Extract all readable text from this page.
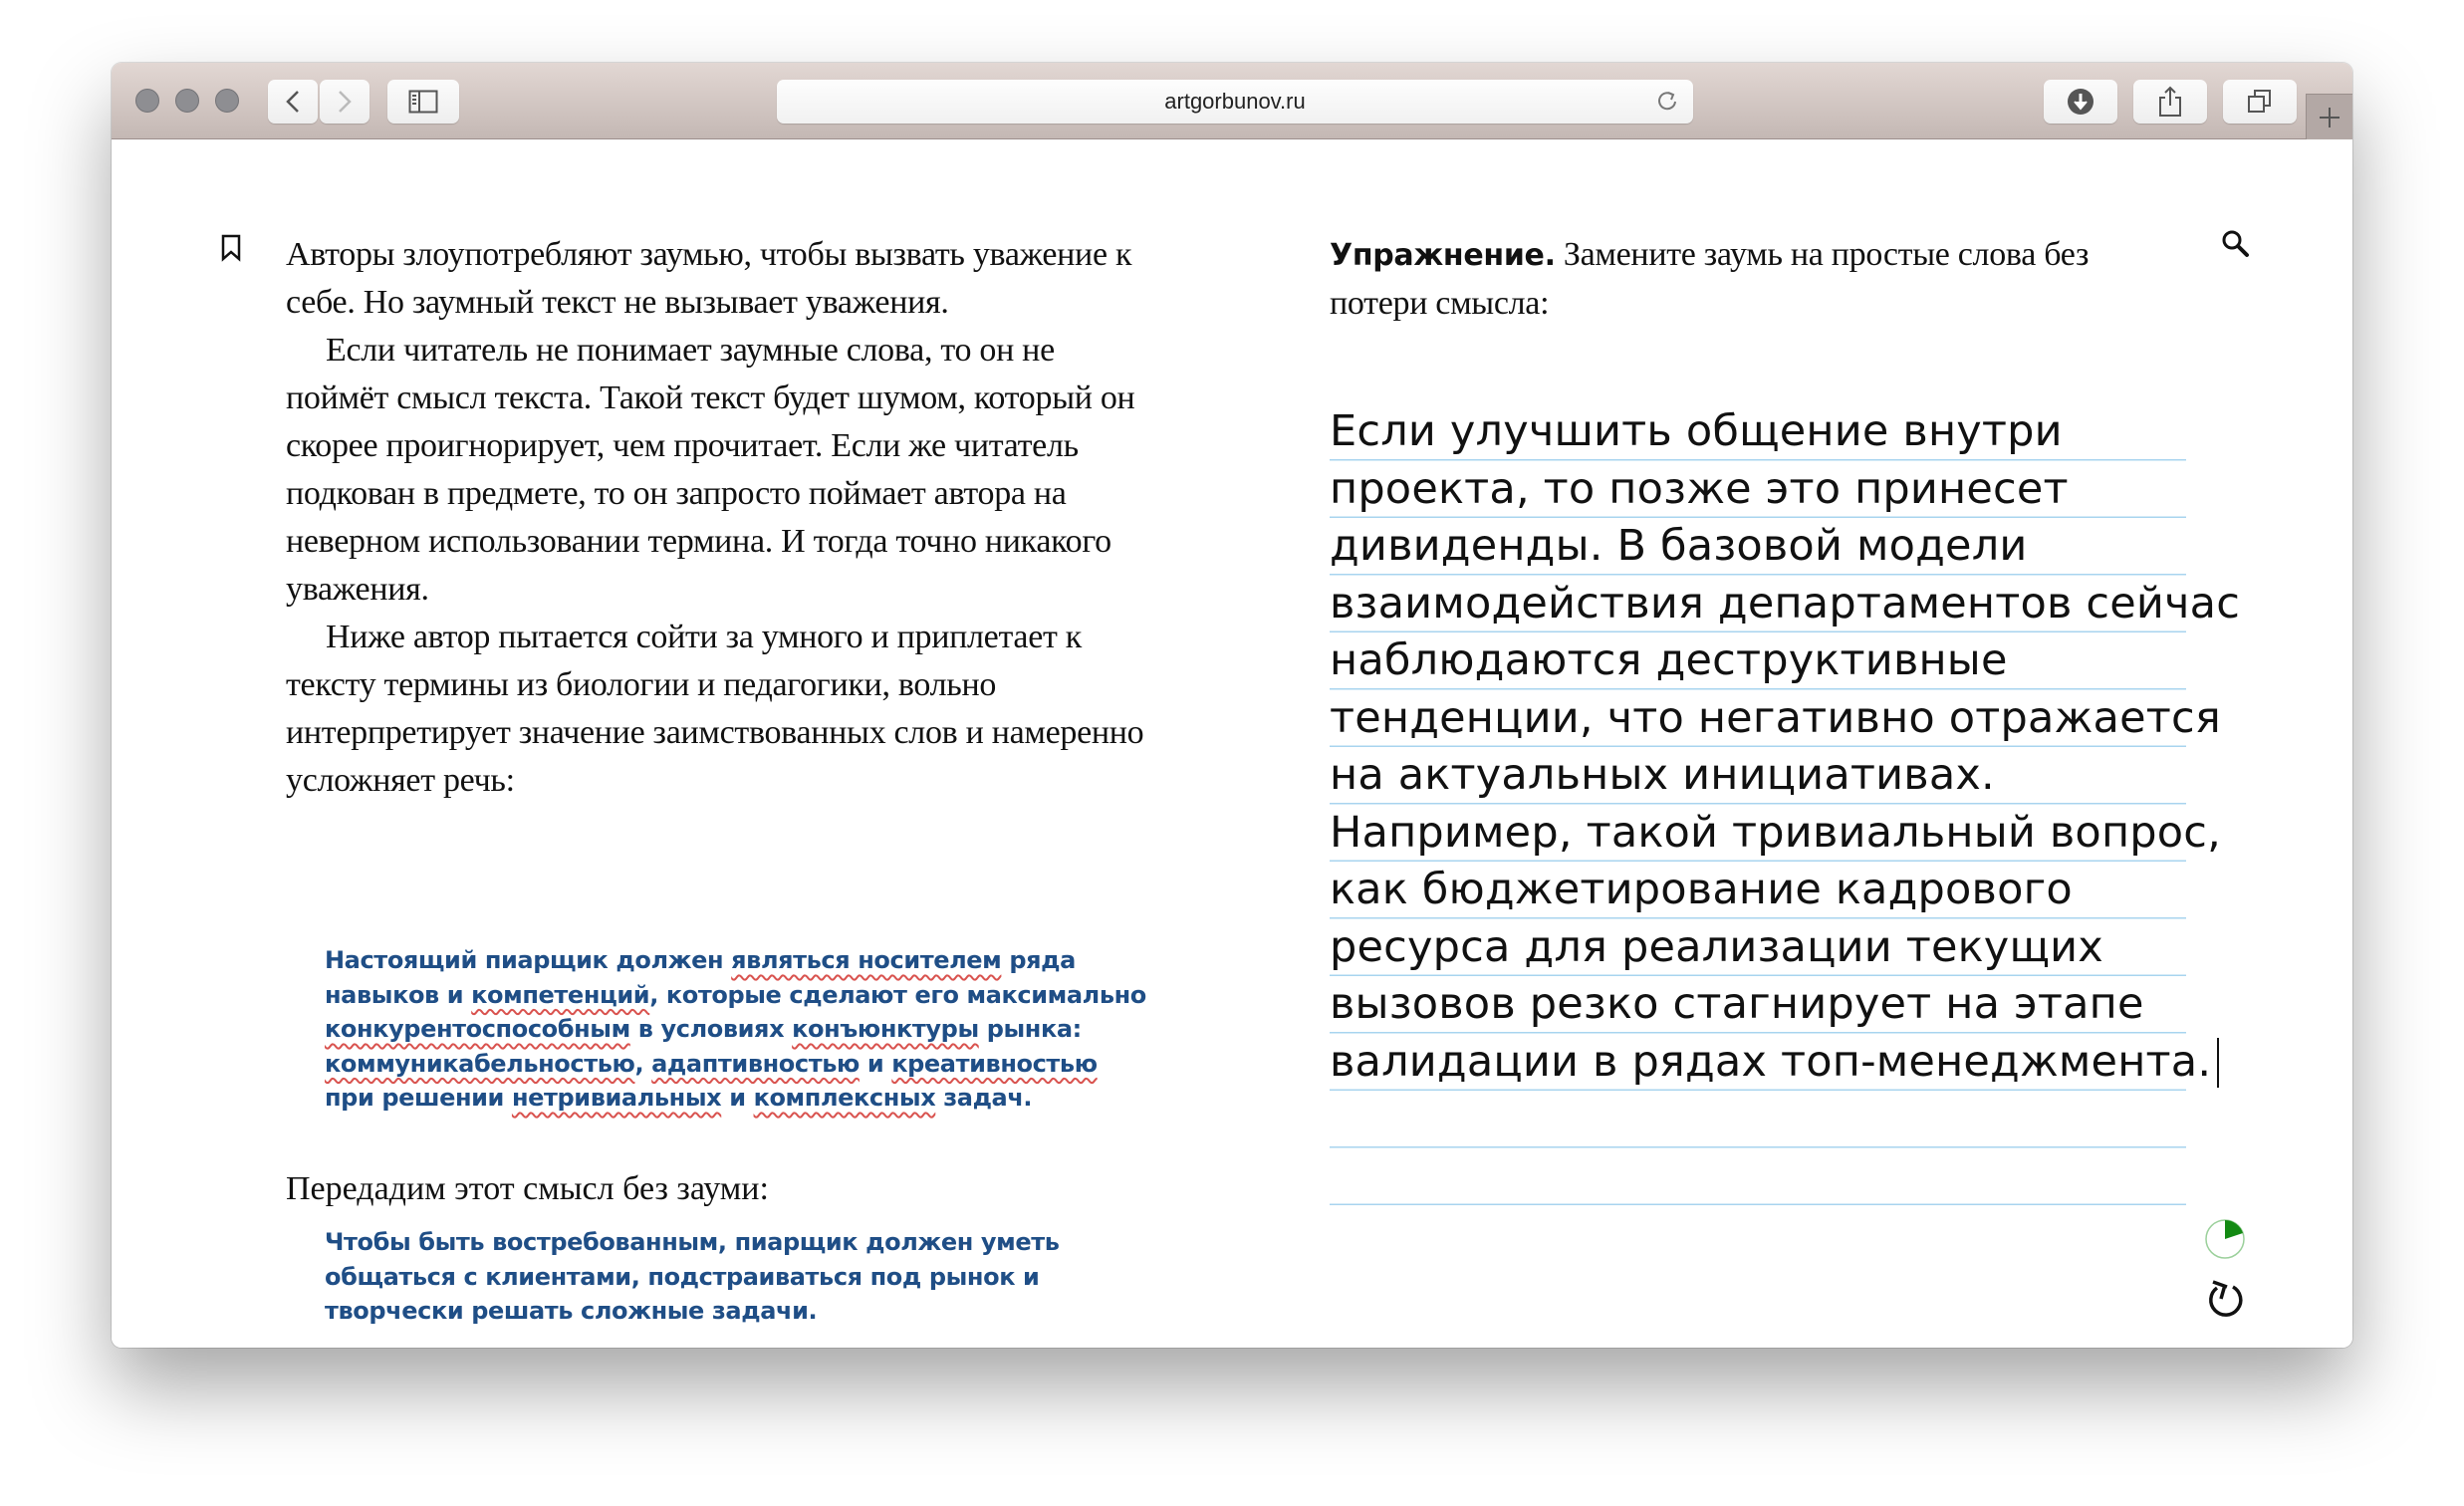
artgorbunov.ru

Авторы злоупотребляют заумью, чтобы вызвать уважение к себе. Но заумный текст не вызывает уважения.

Если читатель не понимает заумные слова, то он не поймёт смысл текста. Такой текст будет шумом, который он скорее проигнорирует, чем прочитает. Если же читатель подкован в предмете, то он запросто поймает автора на неверном использовании термина. И тогда точно никакого уважения.

Ниже автор пытается сойти за умного и приплетает к тексту термины из биологии и педагогики, вольно интерпретирует значение заимствованных слов и намеренно усложняет речь:

Настоящий пиарщик должен являться носителем ряда навыков и компетенций, которые сделают его максимально конкурентоспособным в условиях конъюнктуры рынка: коммуникабельностью, адаптивностью и креативностью при решении нетривиальных и комплексных задач.
Передадим этот смысл без зауми:
Чтобы быть востребованным, пиарщик должен уметь общаться с клиентами, подстраиваться под рынок и творчески решать сложные задачи.
Упражнение. Замените заумь на простые слова без потери смысла:
Если улучшить общение внутри
проекта, то позже это принесет
дивиденды. В базовой модели
взаимодействия департаментов сейчас
наблюдаются деструктивные
тенденции, что негативно отражается
на актуальных инициативах.
Например, такой тривиальный вопрос,
как бюджетирование кадрового
ресурса для реализации текущих
вызовов резко стагнирует на этапе
валидации в рядах топ-менеджмента.
